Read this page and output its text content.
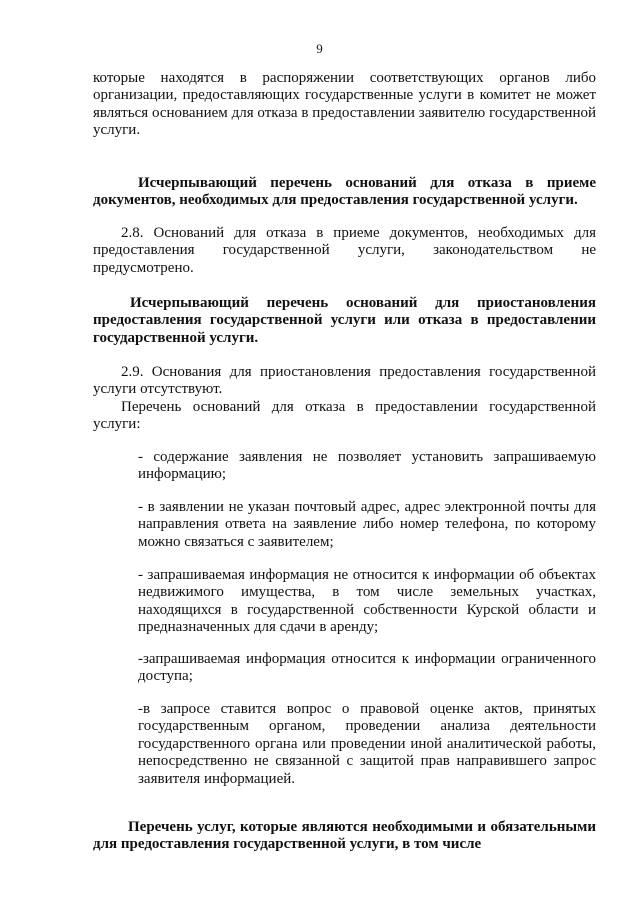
9
которые находятся в распоряжении соответствующих органов либо организации, предоставляющих государственные услуги в комитет не может являться основанием для отказа в предоставлении заявителю государственной услуги.
Исчерпывающий перечень оснований для отказа в приеме документов, необходимых для предоставления государственной услуги.
2.8. Оснований для отказа в приеме документов, необходимых для предоставления государственной услуги, законодательством не предусмотрено.
Исчерпывающий перечень оснований для приостановления предоставления государственной услуги или отказа в предоставлении государственной услуги.
2.9. Основания для приостановления предоставления государственной услуги отсутствуют.
Перечень оснований для отказа в предоставлении государственной услуги:
- содержание заявления не позволяет установить запрашиваемую информацию;
- в заявлении не указан почтовый адрес, адрес электронной почты для направления ответа на заявление либо номер телефона, по которому можно связаться с заявителем;
- запрашиваемая информация не относится к информации об объектах недвижимого имущества, в том числе земельных участках, находящихся в государственной собственности Курской области и предназначенных для сдачи в аренду;
-запрашиваемая информация относится к информации ограниченного доступа;
-в запросе ставится вопрос о правовой оценке актов, принятых государственным органом, проведении анализа деятельности государственного органа или проведении иной аналитической работы, непосредственно не связанной с защитой прав направившего запрос заявителя информацией.
Перечень услуг, которые являются необходимыми и обязательными для предоставления государственной услуги, в том числе
